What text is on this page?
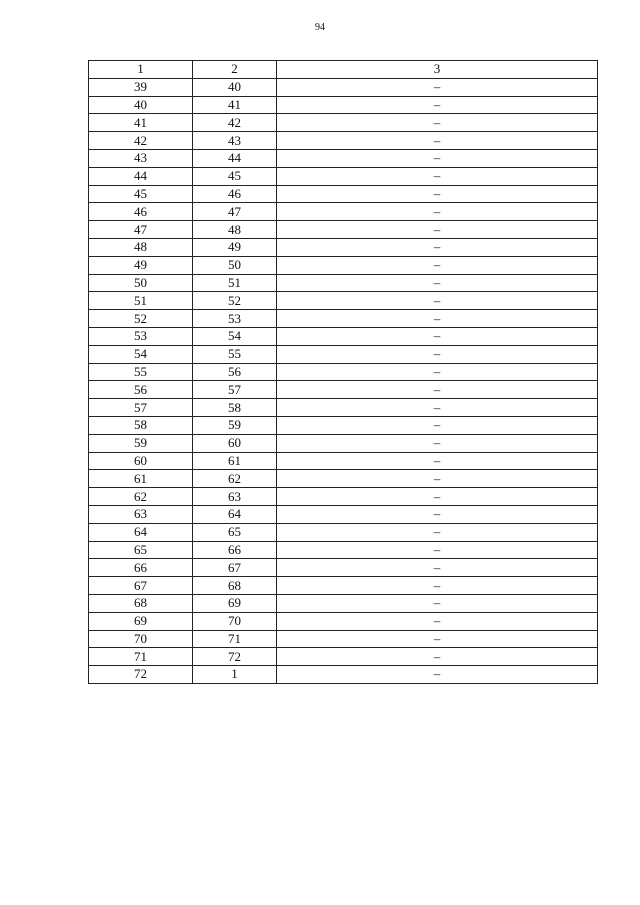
94
1	2	3
39	40	–
40	41	–
41	42	–
42	43	–
43	44	–
44	45	–
45	46	–
46	47	–
47	48	–
48	49	–
49	50	–
50	51	–
51	52	–
52	53	–
53	54	–
54	55	–
55	56	–
56	57	–
57	58	–
58	59	–
59	60	–
60	61	–
61	62	–
62	63	–
63	64	–
64	65	–
65	66	–
66	67	–
67	68	–
68	69	–
69	70	–
70	71	–
71	72	–
72	1	–
